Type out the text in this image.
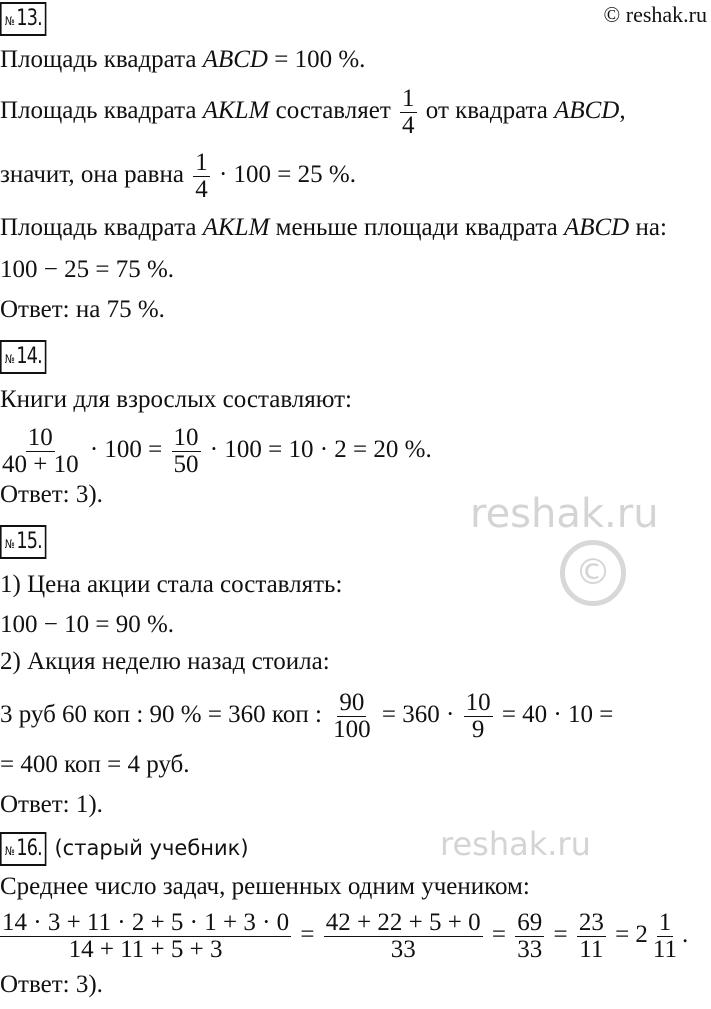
© reshak.ru
reshak.ru
©
reshak.ru
№ 13.
Площадь квадрата ABCD = 100 %.
Площадь квадрата AKLM составляет $\frac{1}{4}$ от квадрата ABCD,
значит, она равна $\frac{1}{4} \cdot 100 = 25$ %.
Площадь квадрата AKLM меньше площади квадрата ABCD на:
100 − 25 = 75 %.
Ответ: на 75 %.
№ 14.
Книги для взрослых составляют:
$\frac{10}{40 + 10} \cdot 100 = \frac{10}{50} \cdot 100 = 10 \cdot 2 = 20$ %.
Ответ: 3).
№ 15.
1) Цена акции стала составлять:
100 − 10 = 90 %.
2) Акция неделю назад стоила:
3 руб 60 коп : 90 % = 360 коп : $\frac{90}{100} = 360 \cdot \frac{10}{9} = 40 \cdot 10$ =
= 400 коп = 4 руб.
Ответ: 1).
№ 16. (старый учебник)
Среднее число задач, решенных одним учеником:
$\frac{14 \cdot 3 + 11 \cdot 2 + 5 \cdot 1 + 3 \cdot 0}{14 + 11 + 5 + 3} = \frac{42 + 22 + 5 + 0}{33} = \frac{69}{33} = \frac{23}{11} = 2 \frac{1}{11}$ .
Ответ: 3).
